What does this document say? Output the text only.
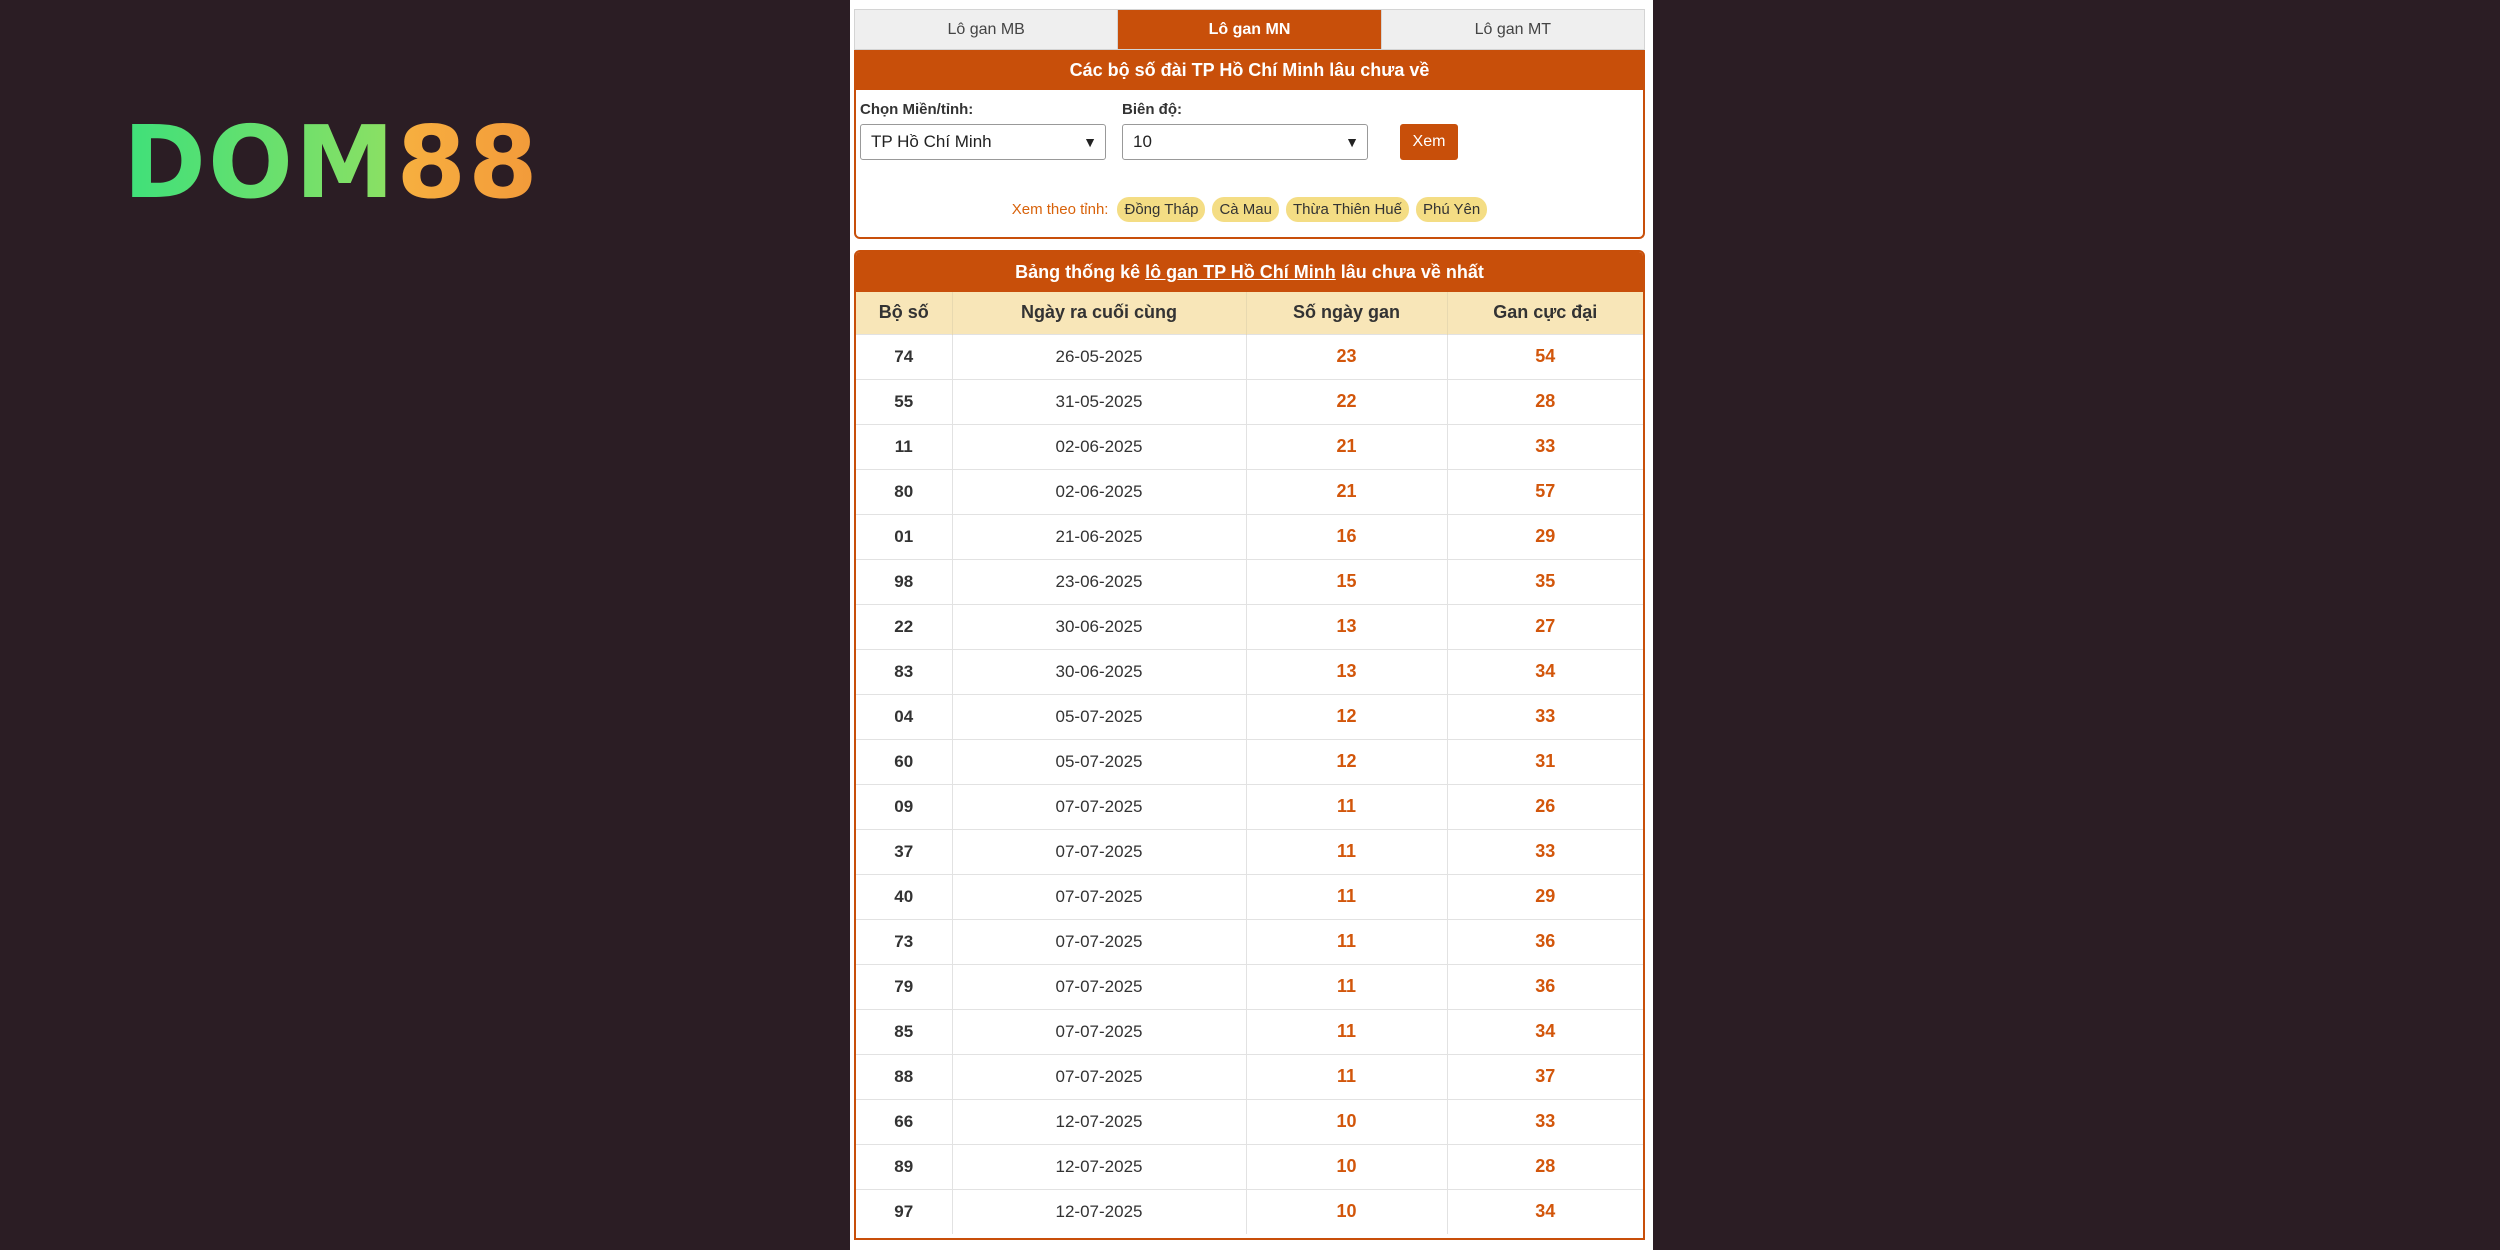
DOM 88
Lô gan MB	Lô gan MN	Lô gan MT
Các bộ số đài TP Hồ Chí Minh lâu chưa về
Chọn Miền/tỉnh:
TP Hồ Chí Minh	▼
Biên độ:
10	▼	Xem
Xem theo tỉnh:	Đồng Tháp	Cà Mau	Thừa Thiên Huế	Phú Yên
Bảng thống kê
lô gan TP Hồ Chí Minh
lâu chưa về nhất
Bộ số	Ngày ra cuối cùng	Số ngày gan	Gan cực đại
74	26-05-2025	23	54
55	31-05-2025	22	28
11	02-06-2025	21	33
80	02-06-2025	21	57
01	21-06-2025	16	29
98	23-06-2025	15	35
22	30-06-2025	13	27
83	30-06-2025	13	34
04	05-07-2025	12	33
60	05-07-2025	12	31
09	07-07-2025	11	26
37	07-07-2025	11	33
40	07-07-2025	11	29
73	07-07-2025	11	36
79	07-07-2025	11	36
85	07-07-2025	11	34
88	07-07-2025	11	37
66	12-07-2025	10	33
89	12-07-2025	10	28
97	12-07-2025	10	34
